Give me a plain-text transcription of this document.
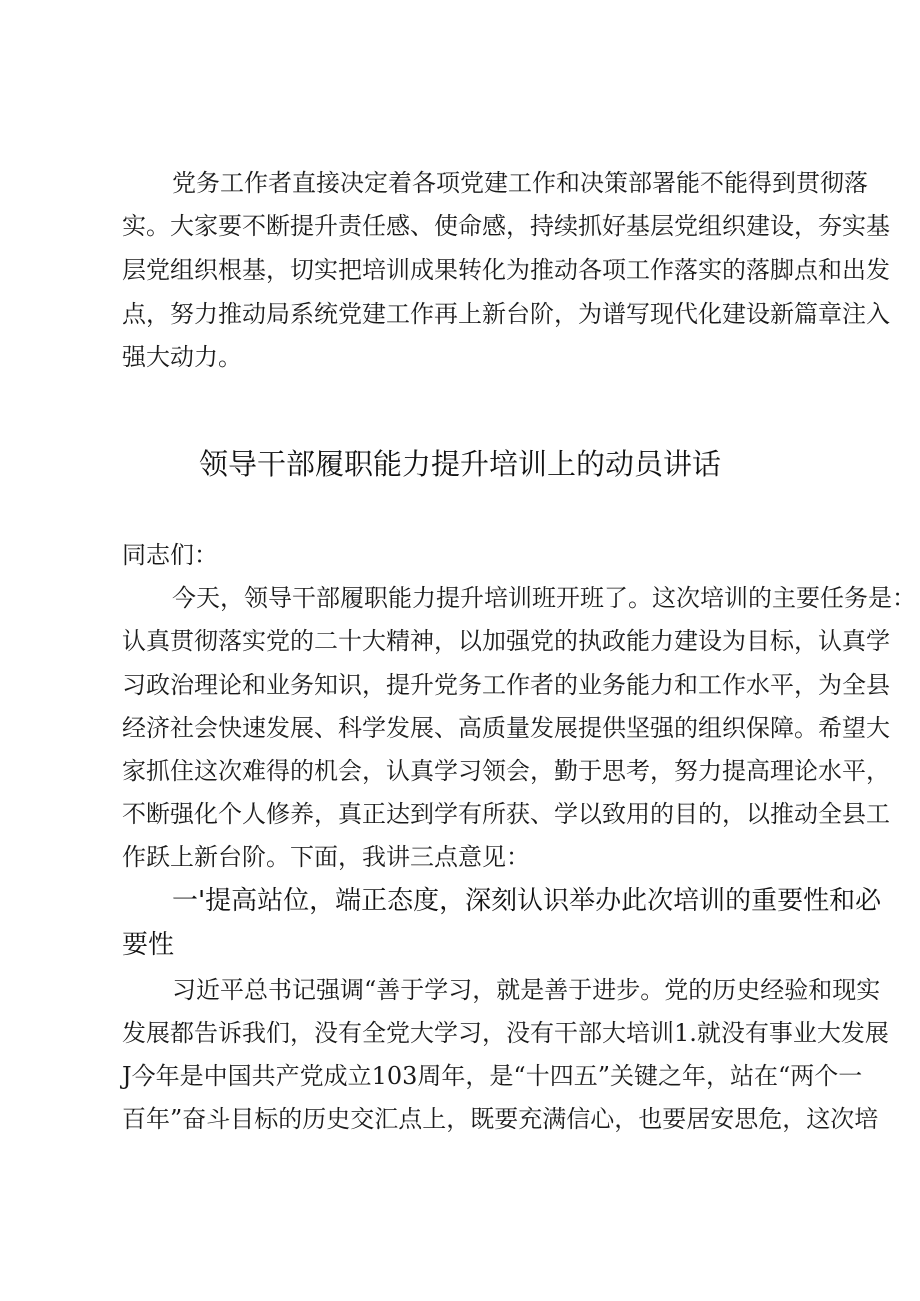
党务工作者直接决定着各项党建工作和决策部署能不能得到贯彻落
实。大家要不断提升责任感、使命感，持续抓好基层党组织建设，夯实基
层党组织根基，切实把培训成果转化为推动各项工作落实的落脚点和出发
点，努力推动局系统党建工作再上新台阶，为谱写现代化建设新篇章注入
强大动力。
领导干部履职能力提升培训上的动员讲话
同志们：
今天，领导干部履职能力提升培训班开班了。这次培训的主要任务是：
认真贯彻落实党的二十大精神，以加强党的执政能力建设为目标，认真学
习政治理论和业务知识，提升党务工作者的业务能力和工作水平，为全县
经济社会快速发展、科学发展、高质量发展提供坚强的组织保障。希望大
家抓住这次难得的机会，认真学习领会，勤于思考，努力提高理论水平，
不断强化个人修养，真正达到学有所获、学以致用的目的，以推动全县工
作跃上新台阶。下面，我讲三点意见：
一'提高站位，端正态度，深刻认识举办此次培训的重要性和必
要性
习近平总书记强调“善于学习，就是善于进步。党的历史经验和现实
发展都告诉我们，没有全党大学习，没有干部大培训1.就没有事业大发展
J今年是中国共产党成立103周年，是“十四五”关键之年，站在“两个一
百年”奋斗目标的历史交汇点上，既要充满信心，也要居安思危，这次培
